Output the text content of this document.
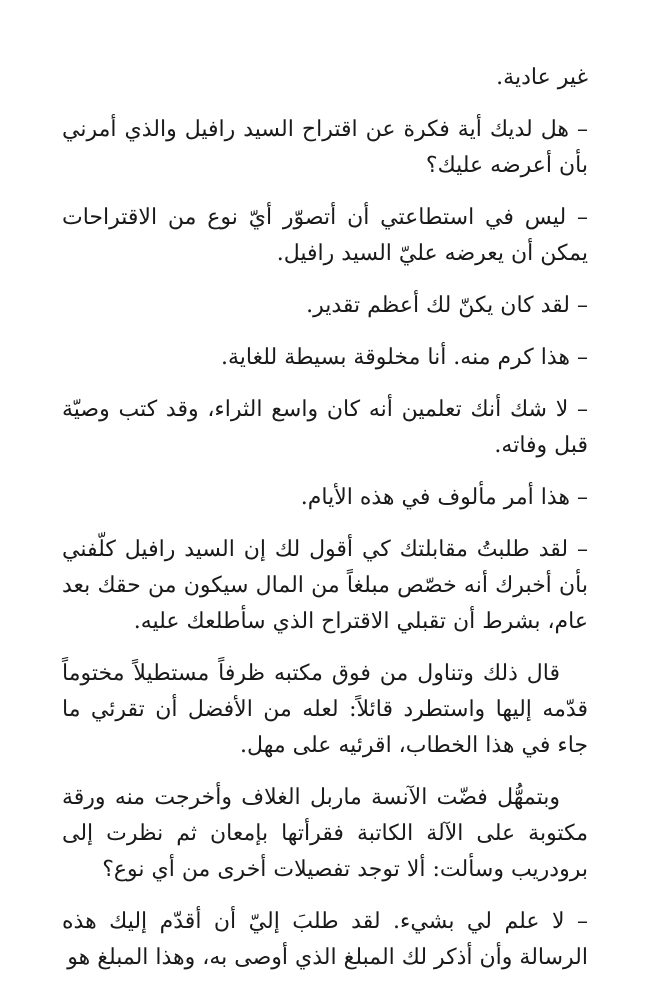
غير عادية.

– هل لديك أية فكرة عن اقتراح السيد رافيل والذي أمرني بأن أعرضه عليك؟

– ليس في استطاعتي أن أتصوّر أيّ نوع من الاقتراحات يمكن أن يعرضه عليّ السيد رافيل.

– لقد كان يكنّ لك أعظم تقدير.

– هذا كرم منه. أنا مخلوقة بسيطة للغاية.

– لا شك أنك تعلمين أنه كان واسع الثراء، وقد كتب وصيّة قبل وفاته.

– هذا أمر مألوف في هذه الأيام.

– لقد طلبتُ مقابلتك كي أقول لك إن السيد رافيل كلّفني بأن أخبرك أنه خصّص مبلغاً من المال سيكون من حقك بعد عام، بشرط أن تقبلي الاقتراح الذي سأطلعك عليه.

قال ذلك وتناول من فوق مكتبه ظرفاً مستطيلاً مختوماً قدّمه إليها واستطرد قائلاً: لعله من الأفضل أن تقرئي ما جاء في هذا الخطاب، اقرئيه على مهل.

وبتمهُّل فضّت الآنسة ماربل الغلاف وأخرجت منه ورقة مكتوبة على الآلة الكاتبة فقرأتها بإمعان ثم نظرت إلى برودريب وسألت: ألا توجد تفصيلات أخرى من أي نوع؟

– لا علم لي بشيء. لقد طلبَ إليّ أن أقدّم إليك هذه الرسالة وأن أذكر لك المبلغ الذي أوصى به، وهذا المبلغ هو
